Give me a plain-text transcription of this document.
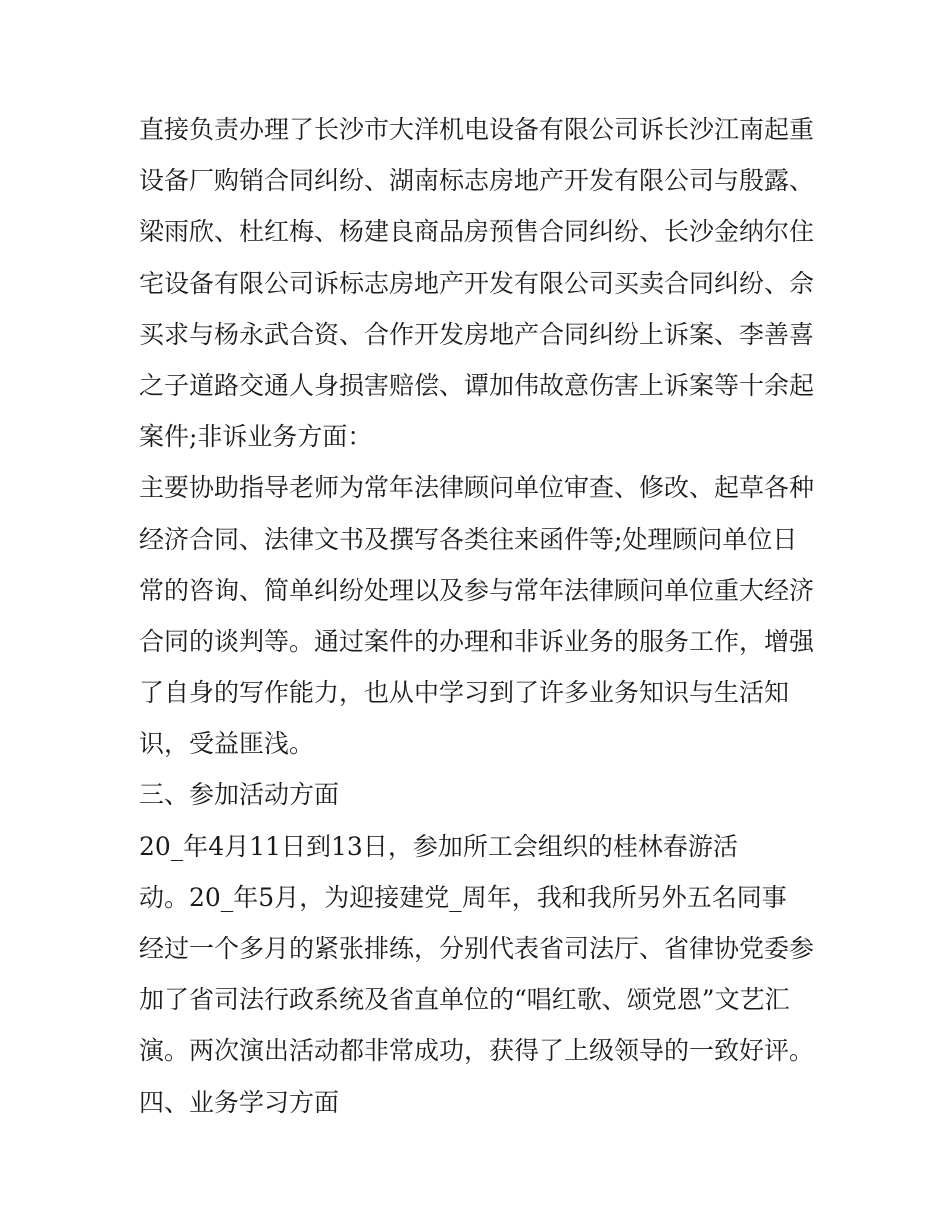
直接负责办理了长沙市大洋机电设备有限公司诉长沙江南起重
设备厂购销合同纠纷、湖南标志房地产开发有限公司与殷露、
梁雨欣、杜红梅、杨建良商品房预售合同纠纷、长沙金纳尔住
宅设备有限公司诉标志房地产开发有限公司买卖合同纠纷、佘
买求与杨永武合资、合作开发房地产合同纠纷上诉案、李善喜
之子道路交通人身损害赔偿、谭加伟故意伤害上诉案等十余起
案件;非诉业务方面：
主要协助指导老师为常年法律顾问单位审查、修改、起草各种
经济合同、法律文书及撰写各类往来函件等;处理顾问单位日
常的咨询、简单纠纷处理以及参与常年法律顾问单位重大经济
合同的谈判等。通过案件的办理和非诉业务的服务工作，增强
了自身的写作能力，也从中学习到了许多业务知识与生活知
识，受益匪浅。
三、参加活动方面
20_年4月11日到13日，参加所工会组织的桂林春游活
动。20_年5月，为迎接建党_周年，我和我所另外五名同事
经过一个多月的紧张排练，分别代表省司法厅、省律协党委参
加了省司法行政系统及省直单位的“唱红歌、颂党恩”文艺汇
演。两次演出活动都非常成功，获得了上级领导的一致好评。
四、业务学习方面
